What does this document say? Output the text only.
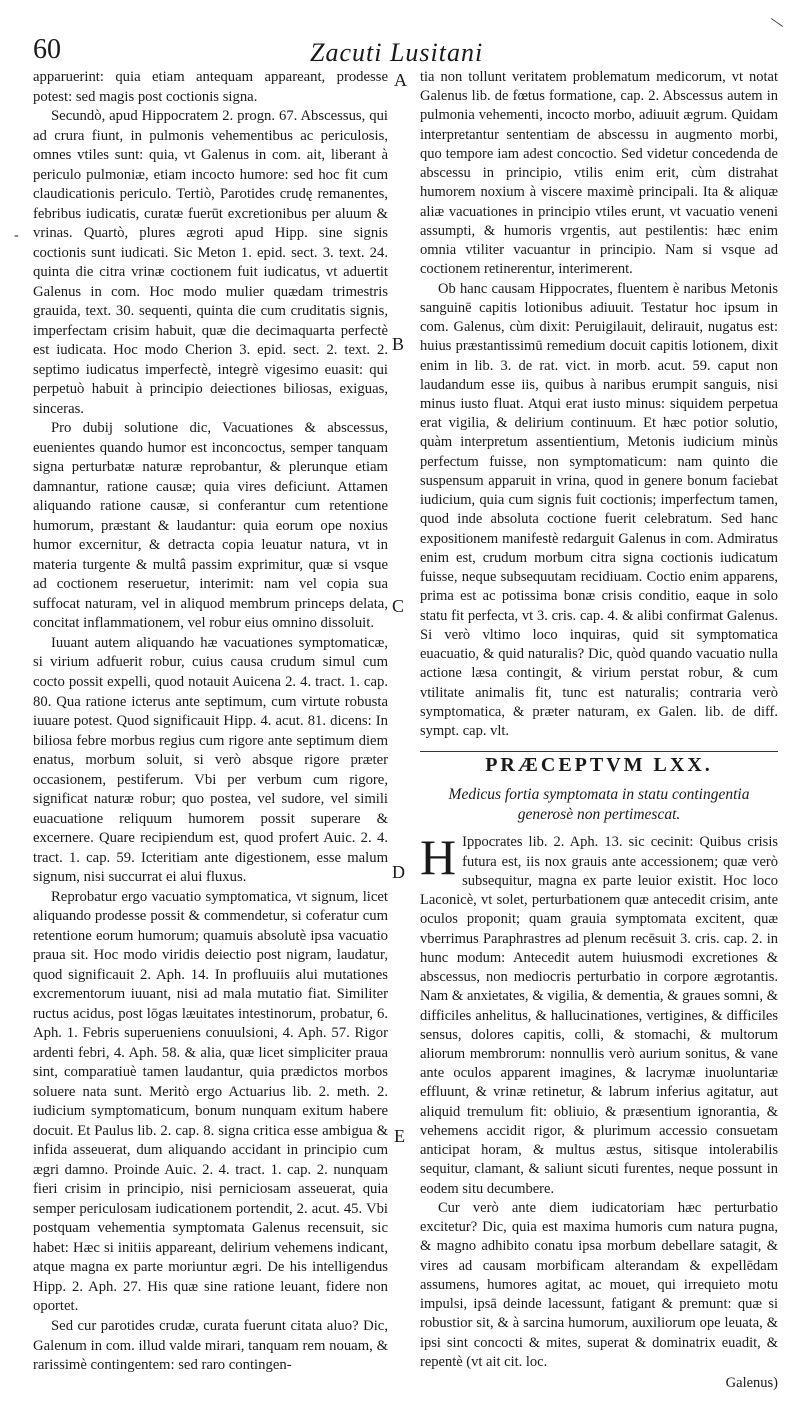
-
60	Zacuti Lusitani
A
B
C
D
E

apparuerint: quia etiam antequam appareant, prodesse potest: sed magis post coctionis signa.

Secundò, apud Hippocratem 2. progn. 67. Abscessus, qui ad crura fiunt, in pulmonis vehementibus ac periculosis, omnes vtiles sunt: quia, vt Galenus in com. ait, liberant à periculo pulmoniæ, etiam incocto humore: sed hoc fit cum claudicationis periculo. Tertiò, Parotides crudę remanentes, febribus iudicatis, curatæ fuerūt excretionibus per aluum & vrinas. Quartò, plures ægroti apud Hipp. sine signis coctionis sunt iudicati. Sic Meton 1. epid. sect. 3. text. 24. quinta die citra vrinæ coctionem fuit iudicatus, vt aduertit Galenus in com. Hoc modo mulier quædam trimestris grauida, text. 30. sequenti, quinta die cum cruditatis signis, imperfectam crisim habuit, quæ die decimaquarta perfectè est iudicata. Hoc modo Cherion 3. epid. sect. 2. text. 2. septimo iudicatus imperfectè, integrè vigesimo euasit: qui perpetuò habuit à principio deiectiones biliosas, exiguas, sinceras.

Pro dubij solutione dic, Vacuationes & abscessus, euenientes quando humor est inconcoctus, semper tanquam signa perturbatæ naturæ reprobantur, & plerunque etiam damnantur, ratione causæ; quia vires deficiunt. Attamen aliquando ratione causæ, si conferantur cum retentione humorum, præstant & laudantur: quia eorum ope noxius humor excernitur, & detracta copia leuatur natura, vt in materia turgente & multâ passim exprimitur, quæ si vsque ad coctionem reseruetur, interimit: nam vel copia sua suffocat naturam, vel in aliquod membrum princeps delata, concitat inflammationem, vel robur eius omnino dissoluit.

Iuuant autem aliquando hæ vacuationes symptomaticæ, si virium adfuerit robur, cuius causa crudum simul cum cocto possit expelli, quod notauit Auicena 2. 4. tract. 1. cap. 80. Qua ratione icterus ante septimum, cum virtute robusta iuuare potest. Quod significauit Hipp. 4. acut. 81. dicens: In biliosa febre morbus regius cum rigore ante septimum diem enatus, morbum soluit, si verò absque rigore præter occasionem, pestiferum. Vbi per verbum cum rigore, significat naturæ robur; quo postea, vel sudore, vel simili euacuatione reliquum humorem possit superare & excernere. Quare recipiendum est, quod profert Auic. 2. 4. tract. 1. cap. 59. Icteritiam ante digestionem, esse malum signum, nisi succurrat ei alui fluxus.

Reprobatur ergo vacuatio symptomatica, vt signum, licet aliquando prodesse possit & commendetur, si coferatur cum retentione eorum humorum; quamuis absolutè ipsa vacuatio praua sit. Hoc modo viridis deiectio post nigram, laudatur, quod significauit 2. Aph. 14. In profluuiis alui mutationes excrementorum iuuant, nisi ad mala mutatio fiat. Similiter ructus acidus, post lōgas læuitates intestinorum, probatur, 6. Aph. 1. Febris superueniens conuulsioni, 4. Aph. 57. Rigor ardenti febri, 4. Aph. 58. & alia, quæ licet simpliciter praua sint, comparatiuè tamen laudantur, quia prædictos morbos soluere nata sunt. Meritò ergo Actuarius lib. 2. meth. 2. iudicium symptomaticum, bonum nunquam exitum habere docuit. Et Paulus lib. 2. cap. 8. signa critica esse ambigua & infida asseuerat, dum aliquando accidant in principio cum ægri damno. Proinde Auic. 2. 4. tract. 1. cap. 2. nunquam fieri crisim in principio, nisi perniciosam asseuerat, quia semper periculosam iudicationem portendit, 2. acut. 45. Vbi postquam vehementia symptomata Galenus recensuit, sic habet: Hæc si initiis appareant, delirium vehemens indicant, atque magna ex parte moriuntur ægri. De his intelligendus Hipp. 2. Aph. 27. His quæ sine ratione leuant, fidere non oportet.

Sed cur parotides crudæ, curata fuerunt citata aluo? Dic, Galenum in com. illud valde mirari, tanquam rem nouam, & rarissimè contingentem: sed raro contingen-

tia non tollunt veritatem problematum medicorum, vt notat Galenus lib. de fœtus formatione, cap. 2. Abscessus autem in pulmonia vehementi, incocto morbo, adiuuit ægrum. Quidam interpretantur sententiam de abscessu in augmento morbi, quo tempore iam adest concoctio. Sed videtur concedenda de abscessu in principio, vtilis enim erit, cùm distrahat humorem noxium à viscere maximè principali. Ita & aliquæ aliæ vacuationes in principio vtiles erunt, vt vacuatio veneni assumpti, & humoris vrgentis, aut pestilentis: hæc enim omnia vtiliter vacuantur in principio. Nam si vsque ad coctionem retinerentur, interimerent.

Ob hanc causam Hippocrates, fluentem è naribus Metonis sanguinē capitis lotionibus adiuuit. Testatur hoc ipsum in com. Galenus, cùm dixit: Peruigilauit, delirauit, nugatus est: huius præstantissimū remedium docuit capitis lotionem, dixit enim in lib. 3. de rat. vict. in morb. acut. 59. caput non laudandum esse iis, quibus à naribus erumpit sanguis, nisi minus iusto fluat. Atqui erat iusto minus: siquidem perpetua erat vigilia, & delirium continuum. Et hæc potior solutio, quàm interpretum assentientium, Metonis iudicium minùs perfectum fuisse, non symptomaticum: nam quinto die suspensum apparuit in vrina, quod in genere bonum faciebat iudicium, quia cum signis fuit coctionis; imperfectum tamen, quod inde absoluta coctione fuerit celebratum. Sed hanc expositionem manifestè redarguit Galenus in com. Admiratus enim est, crudum morbum citra signa coctionis iudicatum fuisse, neque subsequutam recidiuam. Coctio enim apparens, prima est ac potissima bonæ crisis conditio, eaque in solo statu fit perfecta, vt 3. cris. cap. 4. & alibi confirmat Galenus. Si verò vltimo loco inquiras, quid sit symptomatica euacuatio, & quid naturalis? Dic, quòd quando vacuatio nulla actione læsa contingit, & virium perstat robur, & cum vtilitate animalis fit, tunc est naturalis; contraria verò symptomatica, & præter naturam, ex Galen. lib. de diff. sympt. cap. vlt.

PRÆCEPTVM LXX.
Medicus fortia symptomata in statu contingentia generosè non pertimescat.

H Ippocrates lib. 2. Aph. 13. sic cecinit: Quibus crisis futura est, iis nox grauis ante accessionem; quæ verò subsequitur, magna ex parte leuior existit. Hoc loco Laconicè, vt solet, perturbationem quæ antecedit crisim, ante oculos proponit; quam grauia symptomata excitent, quæ vberrimus Paraphrastres ad plenum recēsuit 3. cris. cap. 2. in hunc modum: Antecedit autem huiusmodi excretiones & abscessus, non mediocris perturbatio in corpore ægrotantis. Nam & anxietates, & vigilia, & dementia, & graues somni, & difficiles anhelitus, & hallucinationes, vertigines, & difficiles sensus, dolores capitis, colli, & stomachi, & multorum aliorum membrorum: nonnullis verò aurium sonitus, & vane ante oculos apparent imagines, & lacrymæ inuoluntariæ effluunt, & vrinæ retinetur, & labrum inferius agitatur, aut aliquid tremulum fit: obliuio, & præsentium ignorantia, & vehemens accidit rigor, & plurimum accessio consuetam anticipat horam, & multus æstus, sitisque intolerabilis sequitur, clamant, & saliunt sicuti furentes, neque possunt in eodem situ decumbere.

Cur verò ante diem iudicatoriam hæc perturbatio excitetur? Dic, quia est maxima humoris cum natura pugna, & magno adhibito conatu ipsa morbum debellare satagit, & vires ad causam morbificam alterandam & expellēdam assumens, humores agitat, ac mouet, qui irrequieto motu impulsi, ipsā deinde lacessunt, fatigant & premunt: quæ si robustior sit, & à sarcina humorum, auxiliorum ope leuata, & ipsi sint concocti & mites, superat & dominatrix euadit, & repentè (vt ait cit. loc.

Galenus)
